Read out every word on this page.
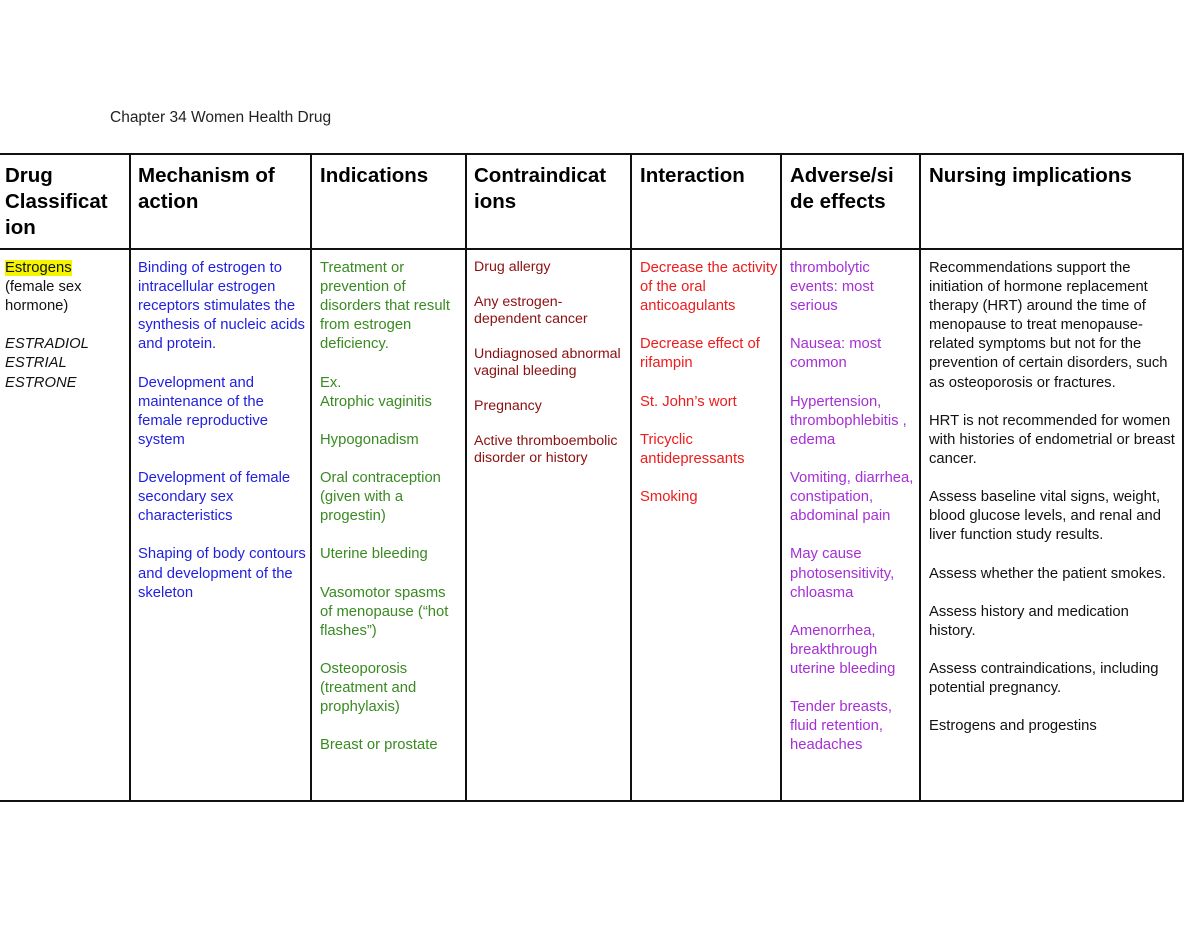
Chapter 34 Women Health Drug
Drug
Classificat
ion
Mechanism of
action
Indications	Contraindicat
ions
Interaction	Adverse/si
de effects
Nursing implications
Estrogens
(female sex hormone)
ESTRADIOL
ESTRIAL
ESTRONE
Binding of estrogen to intracellular estrogen receptors stimulates the synthesis of nucleic acids and protein.
Development and maintenance of the female reproductive system
Development of female secondary sex characteristics
Shaping of body contours and development of the skeleton
Treatment or prevention of disorders that result from estrogen deficiency.
Ex.
Atrophic vaginitis
Hypogonadism
Oral contraception (given with a progestin)
Uterine bleeding
Vasomotor spasms of menopause (“hot flashes”)
Osteoporosis (treatment and prophylaxis)
Breast or prostate
Drug allergy
Any estrogen-dependent cancer
Undiagnosed abnormal vaginal bleeding
Pregnancy
Active thromboembolic disorder or history
Decrease the activity of the oral anticoagulants
Decrease effect of rifampin
St. John’s wort
Tricyclic antidepressants
Smoking
thrombolytic events: most serious
Nausea: most common
Hypertension, thrombophlebitis , edema
Vomiting, diarrhea, constipation, abdominal pain
May cause photosensitivity, chloasma
Amenorrhea, breakthrough uterine bleeding
Tender breasts, fluid retention, headaches
Recommendations support the initiation of hormone replacement therapy (HRT) around the time of menopause to treat menopause-related symptoms but not for the prevention of certain disorders, such as osteoporosis or fractures.
HRT is not recommended for women with histories of endometrial or breast cancer.
Assess baseline vital signs, weight, blood glucose levels, and renal and liver function study results.
Assess whether the patient smokes.
Assess history and medication history.
Assess contraindications, including potential pregnancy.
Estrogens and progestins
